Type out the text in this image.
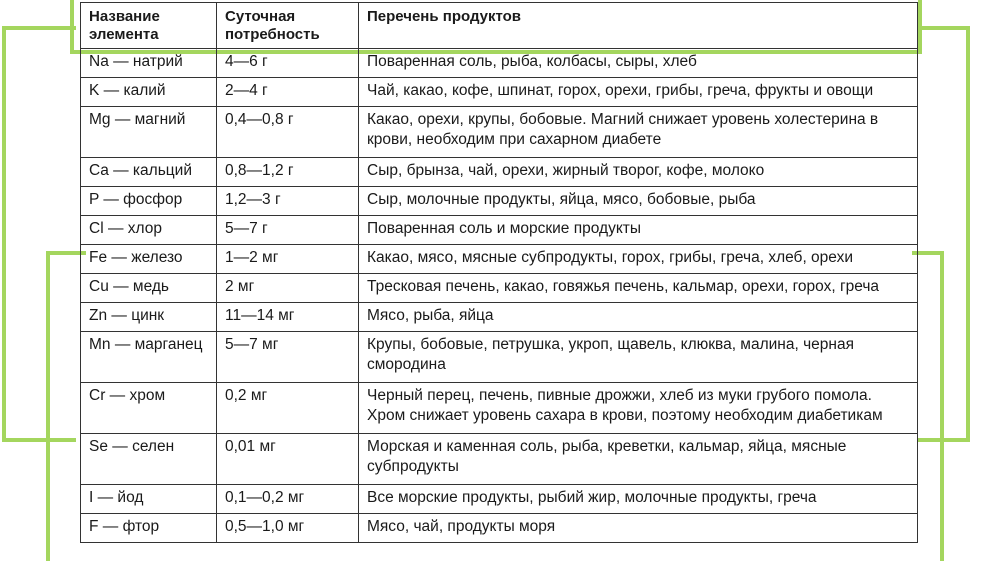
Название элемента	Суточная потребность	Перечень продуктов
Na — натрий	4—6 г	Поваренная соль, рыба, колбасы, сыры, хлеб
K — калий	2—4 г	Чай, какао, кофе, шпинат, горох, орехи, грибы, греча, фрукты и овощи
Mg — магний	0,4—0,8 г	Какао, орехи, крупы, бобовые. Магний снижает уровень холестерина в крови, необходим при сахарном диабете
Ca — кальций	0,8—1,2 г	Сыр, брынза, чай, орехи, жирный творог, кофе, молоко
P — фосфор	1,2—3 г	Сыр, молочные продукты, яйца, мясо, бобовые, рыба
Cl — хлор	5—7 г	Поваренная соль и морские продукты
Fe — железо	1—2 мг	Какао, мясо, мясные субпродукты, горох, грибы, греча, хлеб, орехи
Cu — медь	2 мг	Тресковая печень, какао, говяжья печень, кальмар, орехи, горох, греча
Zn — цинк	11—14 мг	Мясо, рыба, яйца
Mn — марганец	5—7 мг	Крупы, бобовые, петрушка, укроп, щавель, клюква, малина, черная смородина
Cr — хром	0,2 мг	Черный перец, печень, пивные дрожжи, хлеб из муки грубого помола. Хром снижает уровень сахара в крови, поэтому необходим диабетикам
Se — селен	0,01 мг	Морская и каменная соль, рыба, креветки, кальмар, яйца, мясные субпродукты
I — йод	0,1—0,2 мг	Все морские продукты, рыбий жир, молочные продукты, греча
F — фтор	0,5—1,0 мг	Мясо, чай, продукты моря
